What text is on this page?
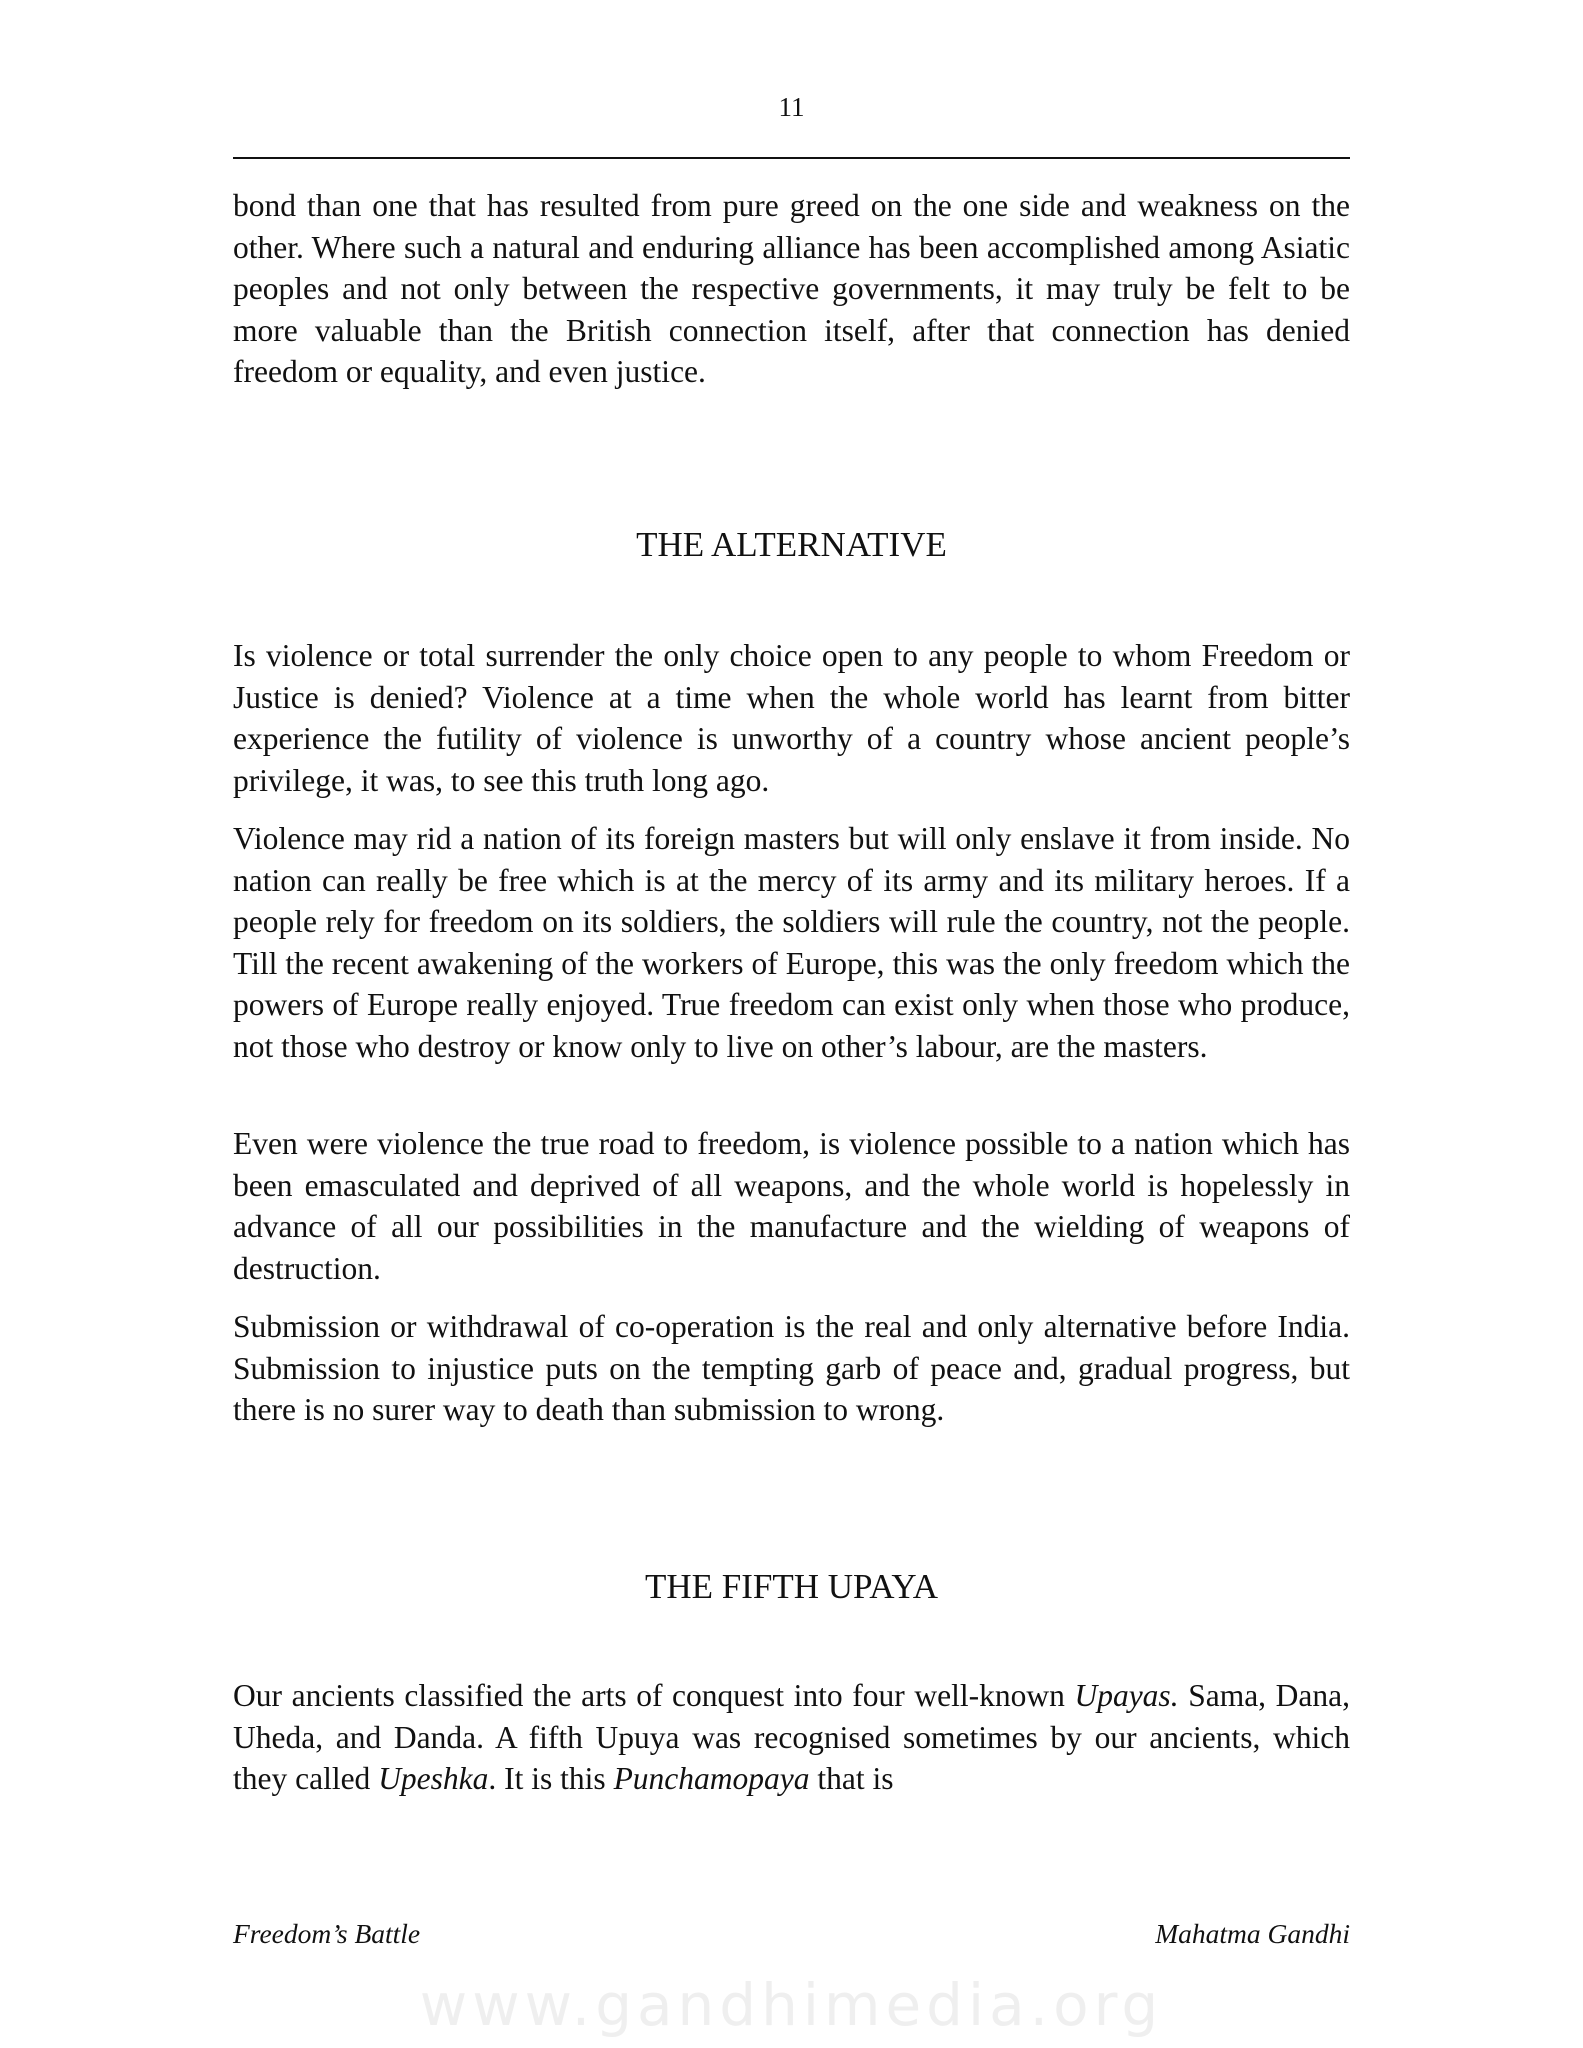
11

bond than one that has resulted from pure greed on the one side and weakness on the other. Where such a natural and enduring alliance has been accomplished among Asiatic peoples and not only between the respective governments, it may truly be felt to be more valuable than the British connection itself, after that connection has denied freedom or equality, and even justice.

THE ALTERNATIVE

Is violence or total surrender the only choice open to any people to whom Freedom or Justice is denied? Violence at a time when the whole world has learnt from bitter experience the futility of violence is unworthy of a country whose ancient people’s privilege, it was, to see this truth long ago.

Violence may rid a nation of its foreign masters but will only enslave it from inside. No nation can really be free which is at the mercy of its army and its military heroes. If a people rely for freedom on its soldiers, the soldiers will rule the country, not the people. Till the recent awakening of the workers of Europe, this was the only freedom which the powers of Europe really enjoyed. True freedom can exist only when those who produce, not those who destroy or know only to live on other’s labour, are the masters.

Even were violence the true road to freedom, is violence possible to a nation which has been emasculated and deprived of all weapons, and the whole world is hopelessly in advance of all our possibilities in the manufacture and the wielding of weapons of destruction.

Submission or withdrawal of co-operation is the real and only alternative before India. Submission to injustice puts on the tempting garb of peace and, gradual progress, but there is no surer way to death than submission to wrong.

THE FIFTH UPAYA

Our ancients classified the arts of conquest into four well-known Upayas. Sama, Dana, Uheda, and Danda. A fifth Upuya was recognised sometimes by our ancients, which they called Upeshka. It is this Punchamopaya that is

Freedom’s Battle	Mahatma Gandhi
www.gandhimedia.org
